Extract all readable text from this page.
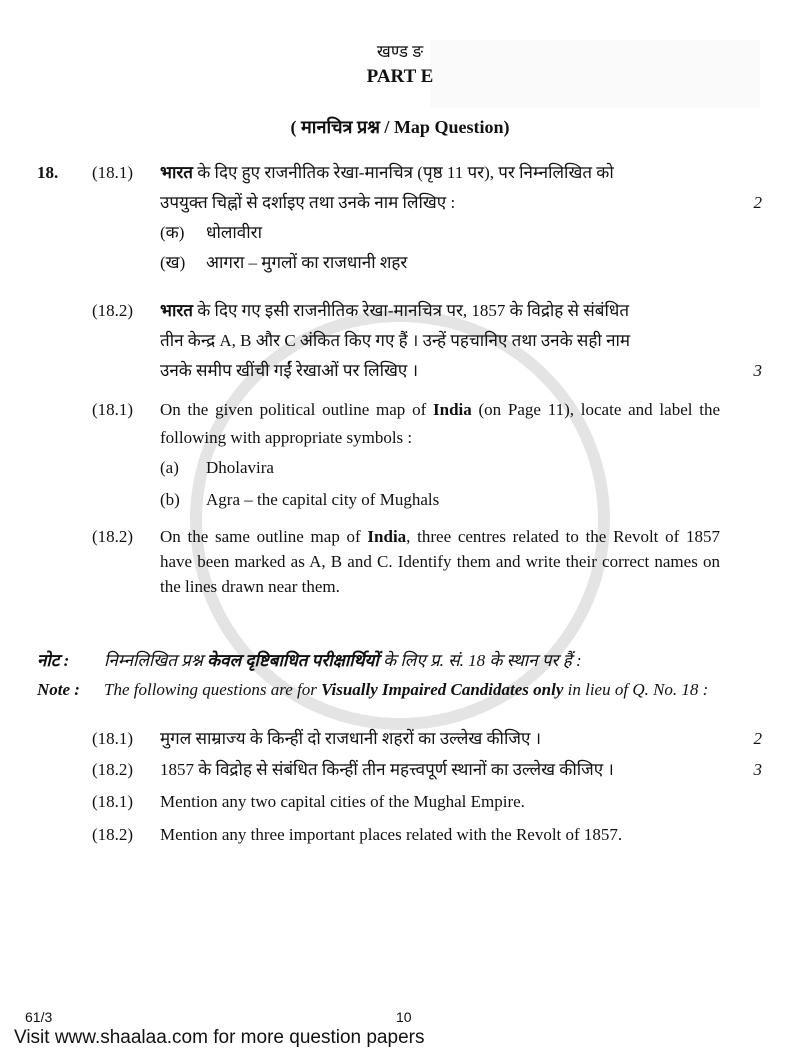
खण्ड ङ
PART E
( मानचित्र प्रश्न / Map Question)
18.	(18.1)	भारत के दिए हुए राजनीतिक रेखा-मानचित्र (पृष्ठ 11 पर), पर निम्नलिखित को
उपयुक्त चिह्नों से दर्शाइए तथा उनके नाम लिखिए :	2
(क)	धोलावीरा
(ख)	आगरा – मुगलों का राजधानी शहर
(18.2)	भारत के दिए गए इसी राजनीतिक रेखा-मानचित्र पर, 1857 के विद्रोह से संबंधित
तीन केन्द्र A, B और C अंकित किए गए हैं । उन्हें पहचानिए तथा उनके सही नाम
उनके समीप खींची गईं रेखाओं पर लिखिए ।	3
(18.1)	On the given political outline map of India (on Page 11), locate and label the following with appropriate symbols :
(a)	Dholavira
(b)	Agra – the capital city of Mughals
(18.2)	On the same outline map of India, three centres related to the Revolt of 1857 have been marked as A, B and C. Identify them and write their correct names on the lines drawn near them.
नोट :	निम्नलिखित प्रश्न केवल दृष्टिबाधित परीक्षार्थियों के लिए प्र. सं. 18 के स्थान पर हैं :
Note :	The following questions are for Visually Impaired Candidates only in lieu of Q. No. 18 :
(18.1)	मुगल साम्राज्य के किन्हीं दो राजधानी शहरों का उल्लेख कीजिए ।	2
(18.2)	1857 के विद्रोह से संबंधित किन्हीं तीन महत्त्वपूर्ण स्थानों का उल्लेख कीजिए ।	3
(18.1)	Mention any two capital cities of the Mughal Empire.
(18.2)	Mention any three important places related with the Revolt of 1857.
61/3	10
Visit www.shaalaa.com for more question papers
